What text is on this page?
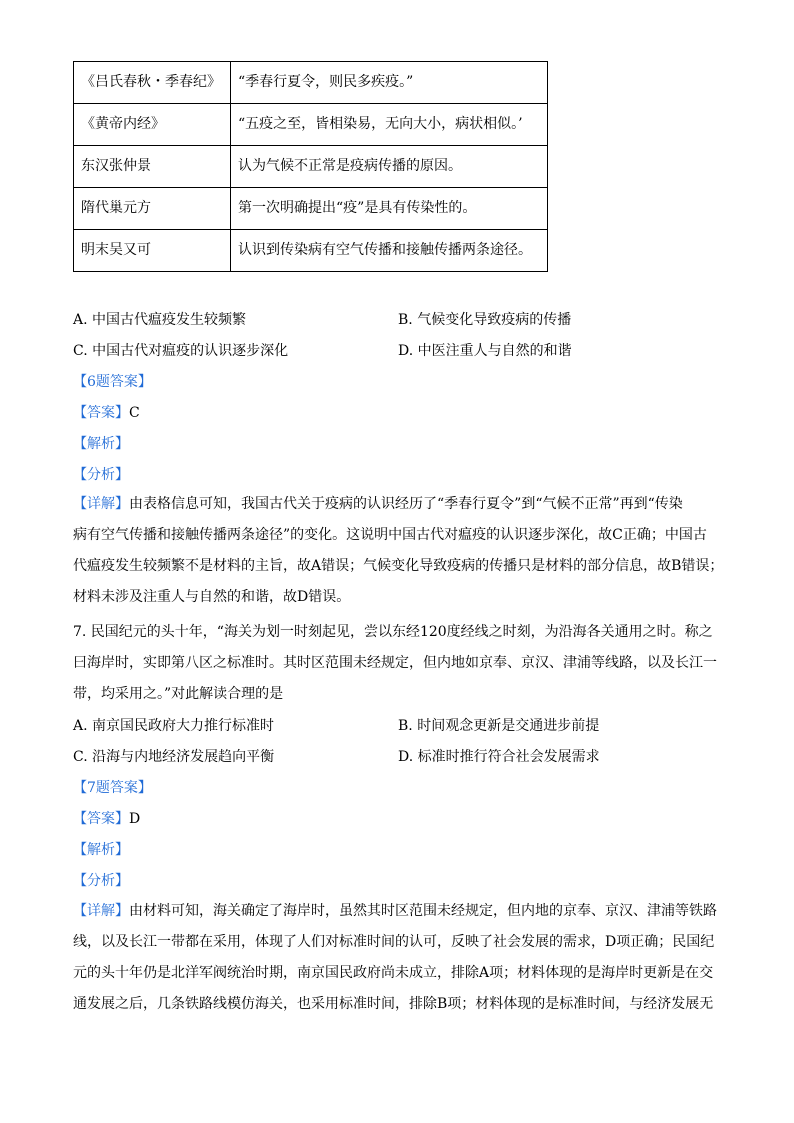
《吕氏春秋・季春纪》	“季春行夏令，则民多疾疫。”
《黄帝内经》	“五疫之至，皆相染易，无向大小，病状相似。’
东汉张仲景	认为气候不正常是疫病传播的原因。
隋代巢元方	第一次明确提出“疫”是具有传染性的。
明末吴又可	认识到传染病有空气传播和接触传播两条途径。
A. 中国古代瘟疫发生较频繁	B. 气候变化导致疫病的传播
C. 中国古代对瘟疫的认识逐步深化	D. 中医注重人与自然的和谐
【6题答案】
【答案】C
【解析】
【分析】
【详解】由表格信息可知，我国古代关于疫病的认识经历了“季春行夏令”到“气候不正常”再到“传染
病有空气传播和接触传播两条途径”的变化。这说明中国古代对瘟疫的认识逐步深化，故C正确；中国古
代瘟疫发生较频繁不是材料的主旨，故A错误；气候变化导致疫病的传播只是材料的部分信息，故B错误；
材料未涉及注重人与自然的和谐，故D错误。
7. 民国纪元的头十年，“海关为划一时刻起见，尝以东经120度经线之时刻，为沿海各关通用之时。称之
曰海岸时，实即第八区之标准时。其时区范围未经规定，但内地如京奉、京汉、津浦等线路，以及长江一
带，均采用之。”对此解读合理的是
A. 南京国民政府大力推行标准时	B. 时间观念更新是交通进步前提
C. 沿海与内地经济发展趋向平衡	D. 标准时推行符合社会发展需求
【7题答案】
【答案】D
【解析】
【分析】
【详解】由材料可知，海关确定了海岸时，虽然其时区范围未经规定，但内地的京奉、京汉、津浦等铁路
线，以及长江一带都在采用，体现了人们对标准时间的认可，反映了社会发展的需求，D项正确；民国纪
元的头十年仍是北洋军阀统治时期，南京国民政府尚未成立，排除A项；材料体现的是海岸时更新是在交
通发展之后，几条铁路线模仿海关，也采用标准时间，排除B项；材料体现的是标准时间，与经济发展无
